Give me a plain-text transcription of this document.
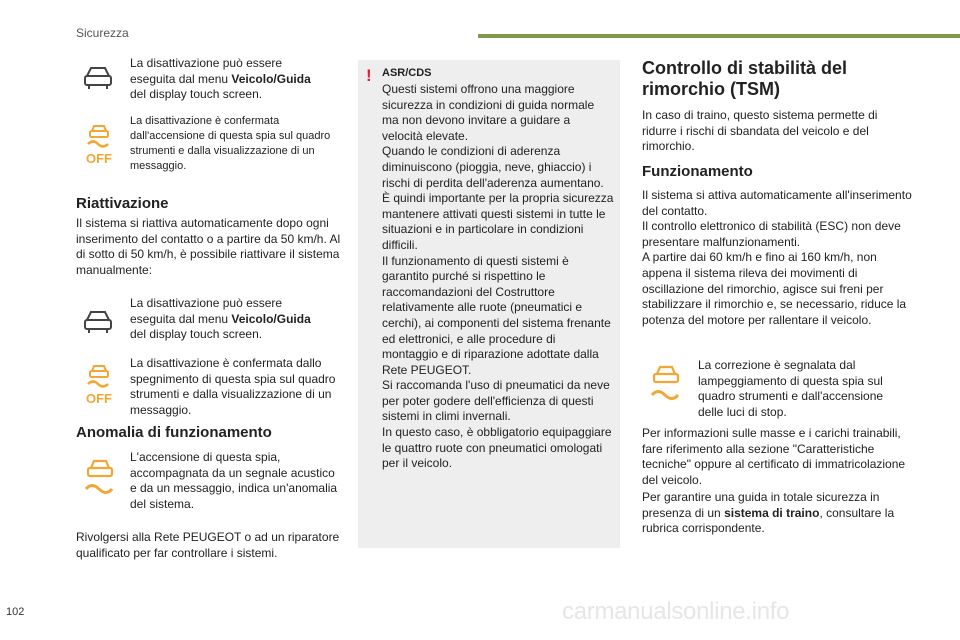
Sicurezza
La disattivazione può essere eseguita dal menu Veicolo/Guida del display touch screen.
OFF
La disattivazione è confermata dall'accensione di questa spia sul quadro strumenti e dalla visualizzazione di un messaggio.
Riattivazione
Il sistema si riattiva automaticamente dopo ogni inserimento del contatto o a partire da 50 km/h. Al di sotto di 50 km/h, è possibile riattivare il sistema manualmente:
La disattivazione può essere eseguita dal menu Veicolo/Guida del display touch screen.
OFF
La disattivazione è confermata dallo spegnimento di questa spia sul quadro strumenti e dalla visualizzazione di un messaggio.
Anomalia di funzionamento
L'accensione di questa spia, accompagnata da un segnale acustico e da un messaggio, indica un'anomalia del sistema.
Rivolgersi alla Rete PEUGEOT o ad un riparatore qualificato per far controllare i sistemi.
! ASR/CDS
Questi sistemi offrono una maggiore sicurezza in condizioni di guida normale ma non devono invitare a guidare a velocità elevate.
Quando le condizioni di aderenza diminuiscono (pioggia, neve, ghiaccio) i rischi di perdita dell'aderenza aumentano. È quindi importante per la propria sicurezza mantenere attivati questi sistemi in tutte le situazioni e in particolare in condizioni difficili.
Il funzionamento di questi sistemi è garantito purché si rispettino le raccomandazioni del Costruttore relativamente alle ruote (pneumatici e cerchi), ai componenti del sistema frenante ed elettronici, e alle procedure di montaggio e di riparazione adottate dalla Rete PEUGEOT.
Si raccomanda l'uso di pneumatici da neve per poter godere dell'efficienza di questi sistemi in climi invernali.
In questo caso, è obbligatorio equipaggiare le quattro ruote con pneumatici omologati per il veicolo.
Controllo di stabilità del rimorchio (TSM)
In caso di traino, questo sistema permette di ridurre i rischi di sbandata del veicolo e del rimorchio.
Funzionamento
Il sistema si attiva automaticamente all'inserimento del contatto.
Il controllo elettronico di stabilità (ESC) non deve presentare malfunzionamenti.
A partire dai 60 km/h e fino ai 160 km/h, non appena il sistema rileva dei movimenti di oscillazione del rimorchio, agisce sui freni per stabilizzare il rimorchio e, se necessario, riduce la potenza del motore per rallentare il veicolo.
La correzione è segnalata dal lampeggiamento di questa spia sul quadro strumenti e dall'accensione delle luci di stop.
Per informazioni sulle masse e i carichi trainabili, fare riferimento alla sezione "Caratteristiche tecniche" oppure al certificato di immatricolazione del veicolo.
Per garantire una guida in totale sicurezza in presenza di un sistema di traino, consultare la rubrica corrispondente.
102	carmanualsonline.info
